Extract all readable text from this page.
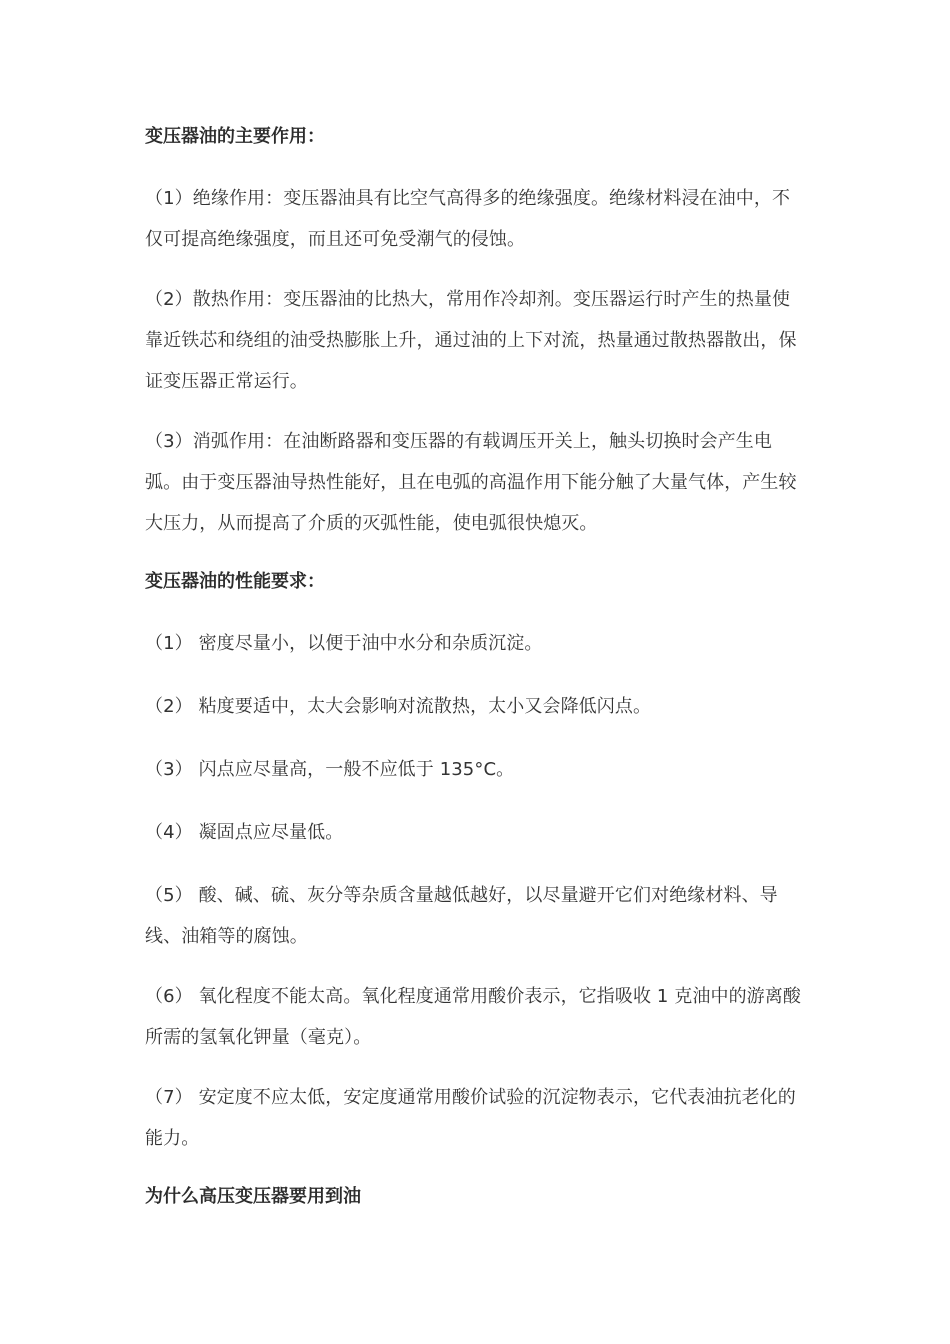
变压器油的主要作用：
（1）绝缘作用：变压器油具有比空气高得多的绝缘强度。绝缘材料浸在油中，不仅可提高绝缘强度，而且还可免受潮气的侵蚀。
（2）散热作用：变压器油的比热大，常用作冷却剂。变压器运行时产生的热量使靠近铁芯和绕组的油受热膨胀上升，通过油的上下对流，热量通过散热器散出，保证变压器正常运行。
（3）消弧作用：在油断路器和变压器的有载调压开关上，触头切换时会产生电弧。由于变压器油导热性能好，且在电弧的高温作用下能分触了大量气体，产生较大压力，从而提高了介质的灭弧性能，使电弧很快熄灭。
变压器油的性能要求：
（1） 密度尽量小，以便于油中水分和杂质沉淀。
（2） 粘度要适中，太大会影响对流散热，太小又会降低闪点。
（3） 闪点应尽量高，一般不应低于 135°C。
（4） 凝固点应尽量低。
（5） 酸、碱、硫、灰分等杂质含量越低越好，以尽量避开它们对绝缘材料、导线、油箱等的腐蚀。
（6） 氧化程度不能太高。氧化程度通常用酸价表示，它指吸收 1 克油中的游离酸所需的氢氧化钾量（毫克）。
（7） 安定度不应太低，安定度通常用酸价试验的沉淀物表示，它代表油抗老化的能力。
为什么高压变压器要用到油
